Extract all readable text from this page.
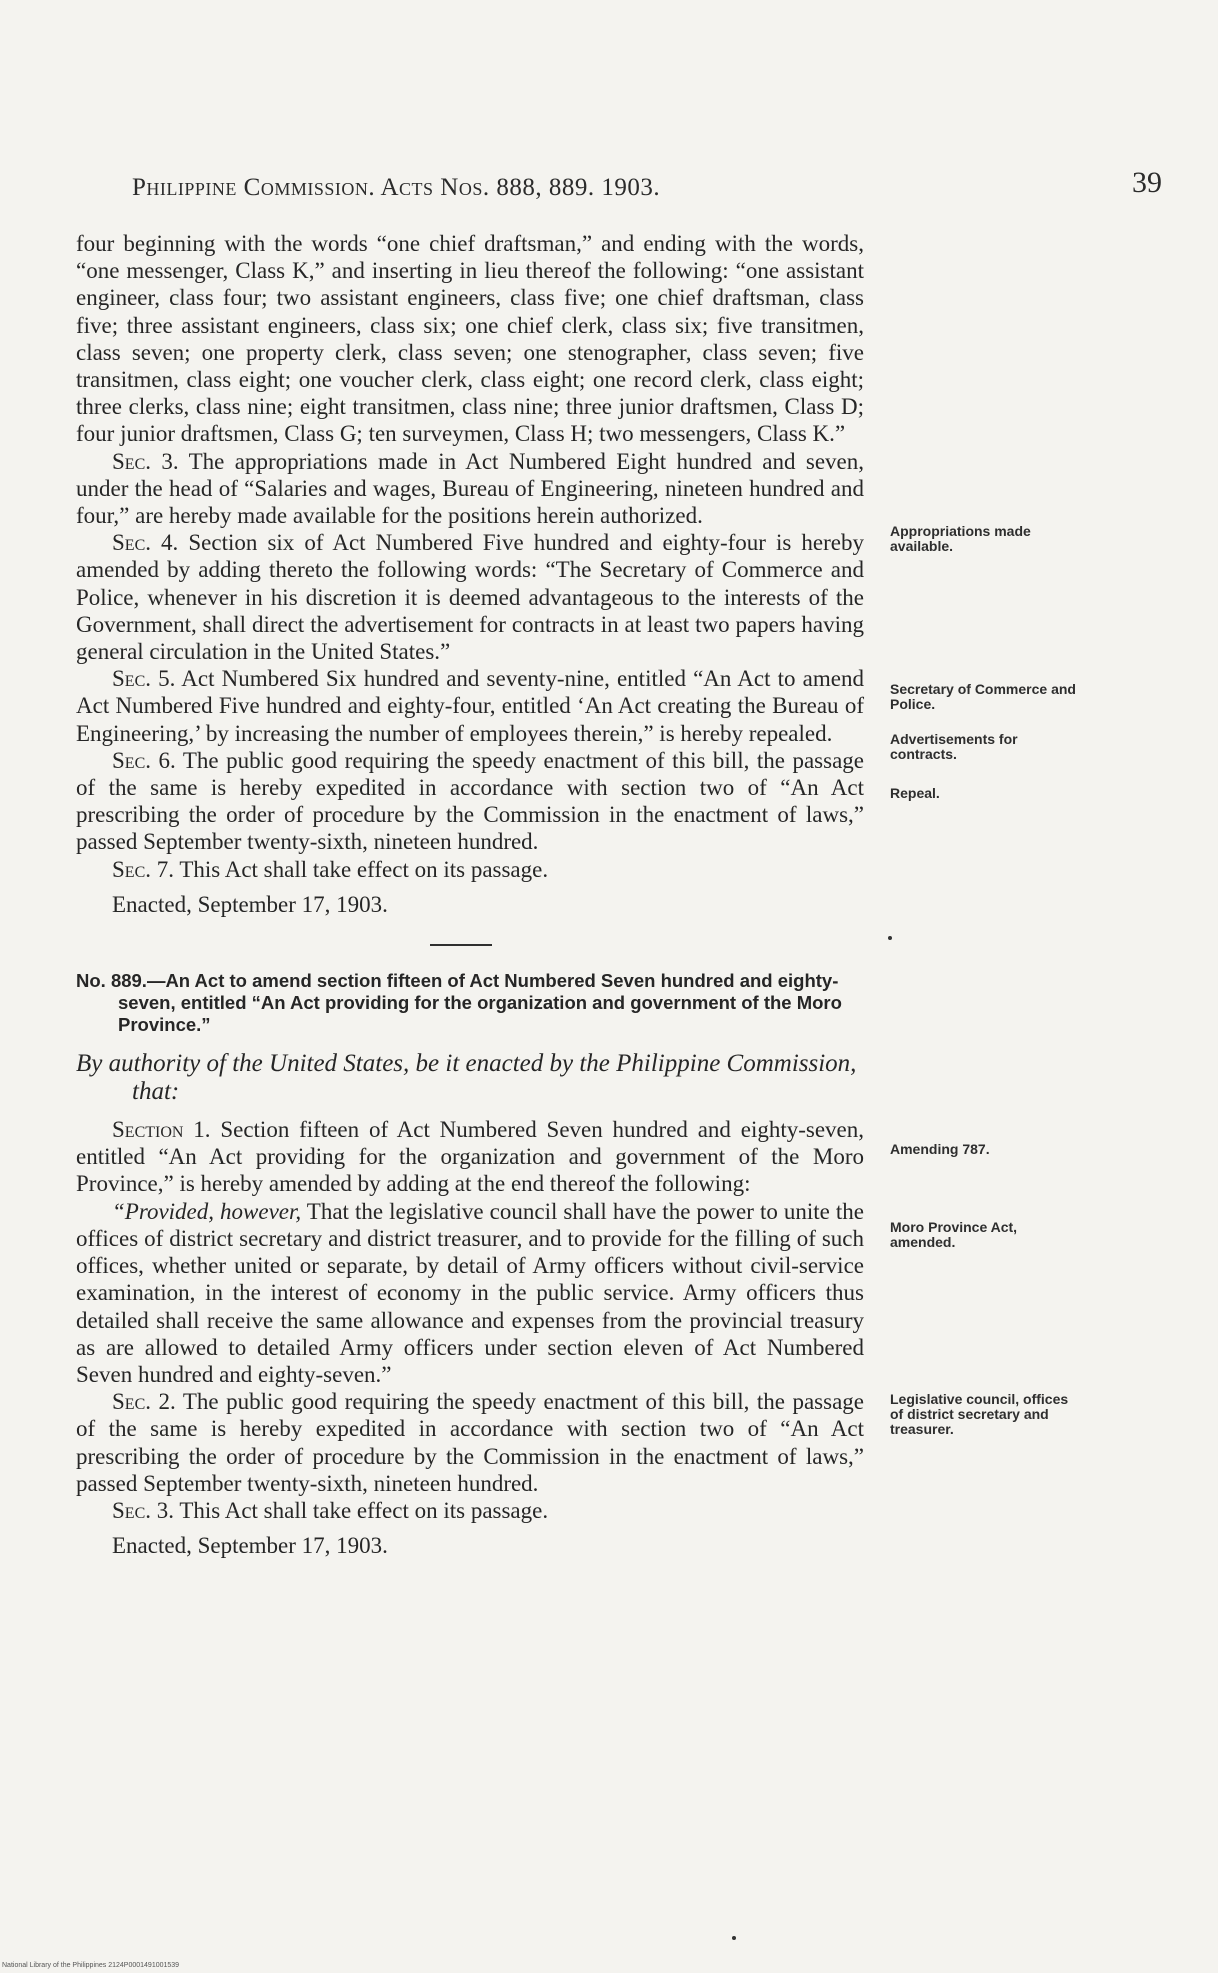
Philippine Commission. Acts Nos. 888, 889. 1903.	39

four beginning with the words “one chief draftsman,” and ending with the words, “one messenger, Class K,” and inserting in lieu thereof the following: “one assistant engineer, class four; two assistant engineers, class five; one chief draftsman, class five; three assistant engineers, class six; one chief clerk, class six; five transitmen, class seven; one property clerk, class seven; one stenographer, class seven; five transitmen, class eight; one voucher clerk, class eight; one record clerk, class eight; three clerks, class nine; eight transitmen, class nine; three junior draftsmen, Class D; four junior draftsmen, Class G; ten surveymen, Class H; two messengers, Class K.”

Sec. 3. The appropriations made in Act Numbered Eight hundred and seven, under the head of “Salaries and wages, Bureau of Engineering, nineteen hundred and four,” are hereby made available for the positions herein authorized.

Sec. 4. Section six of Act Numbered Five hundred and eighty-four is hereby amended by adding thereto the following words: “The Secretary of Commerce and Police, whenever in his discretion it is deemed advantageous to the interests of the Government, shall direct the advertisement for contracts in at least two papers having general circulation in the United States.”

Sec. 5. Act Numbered Six hundred and seventy-nine, entitled “An Act to amend Act Numbered Five hundred and eighty-four, entitled ‘An Act creating the Bureau of Engineering,’ by increasing the number of employees therein,” is hereby repealed.

Sec. 6. The public good requiring the speedy enactment of this bill, the passage of the same is hereby expedited in accordance with section two of “An Act prescribing the order of procedure by the Commission in the enactment of laws,” passed September twenty-sixth, nineteen hundred.

Sec. 7. This Act shall take effect on its passage.

Enacted, September 17, 1903.

No. 889.—An Act to amend section fifteen of Act Numbered Seven hundred and eighty-seven, entitled “An Act providing for the organization and government of the Moro Province.”

By authority of the United States, be it enacted by the Philippine Commission, that:

Section 1. Section fifteen of Act Numbered Seven hundred and eighty-seven, entitled “An Act providing for the organization and government of the Moro Province,” is hereby amended by adding at the end thereof the following:

“Provided, however, That the legislative council shall have the power to unite the offices of district secretary and district treasurer, and to provide for the filling of such offices, whether united or separate, by detail of Army officers without civil-service examination, in the interest of economy in the public service. Army officers thus detailed shall receive the same allowance and expenses from the provincial treasury as are allowed to detailed Army officers under section eleven of Act Numbered Seven hundred and eighty-seven.”

Sec. 2. The public good requiring the speedy enactment of this bill, the passage of the same is hereby expedited in accordance with section two of “An Act prescribing the order of procedure by the Commission in the enactment of laws,” passed September twenty-sixth, nineteen hundred.

Sec. 3. This Act shall take effect on its passage.

Enacted, September 17, 1903.

Appropriations made available.
Secretary of Commerce and Police.
Advertisements for contracts.
Repeal.
Amending 787.
Moro Province Act, amended.
Legislative council, offices of district secretary and treasurer.
National Library of the Philippines 2124P0001491001539
